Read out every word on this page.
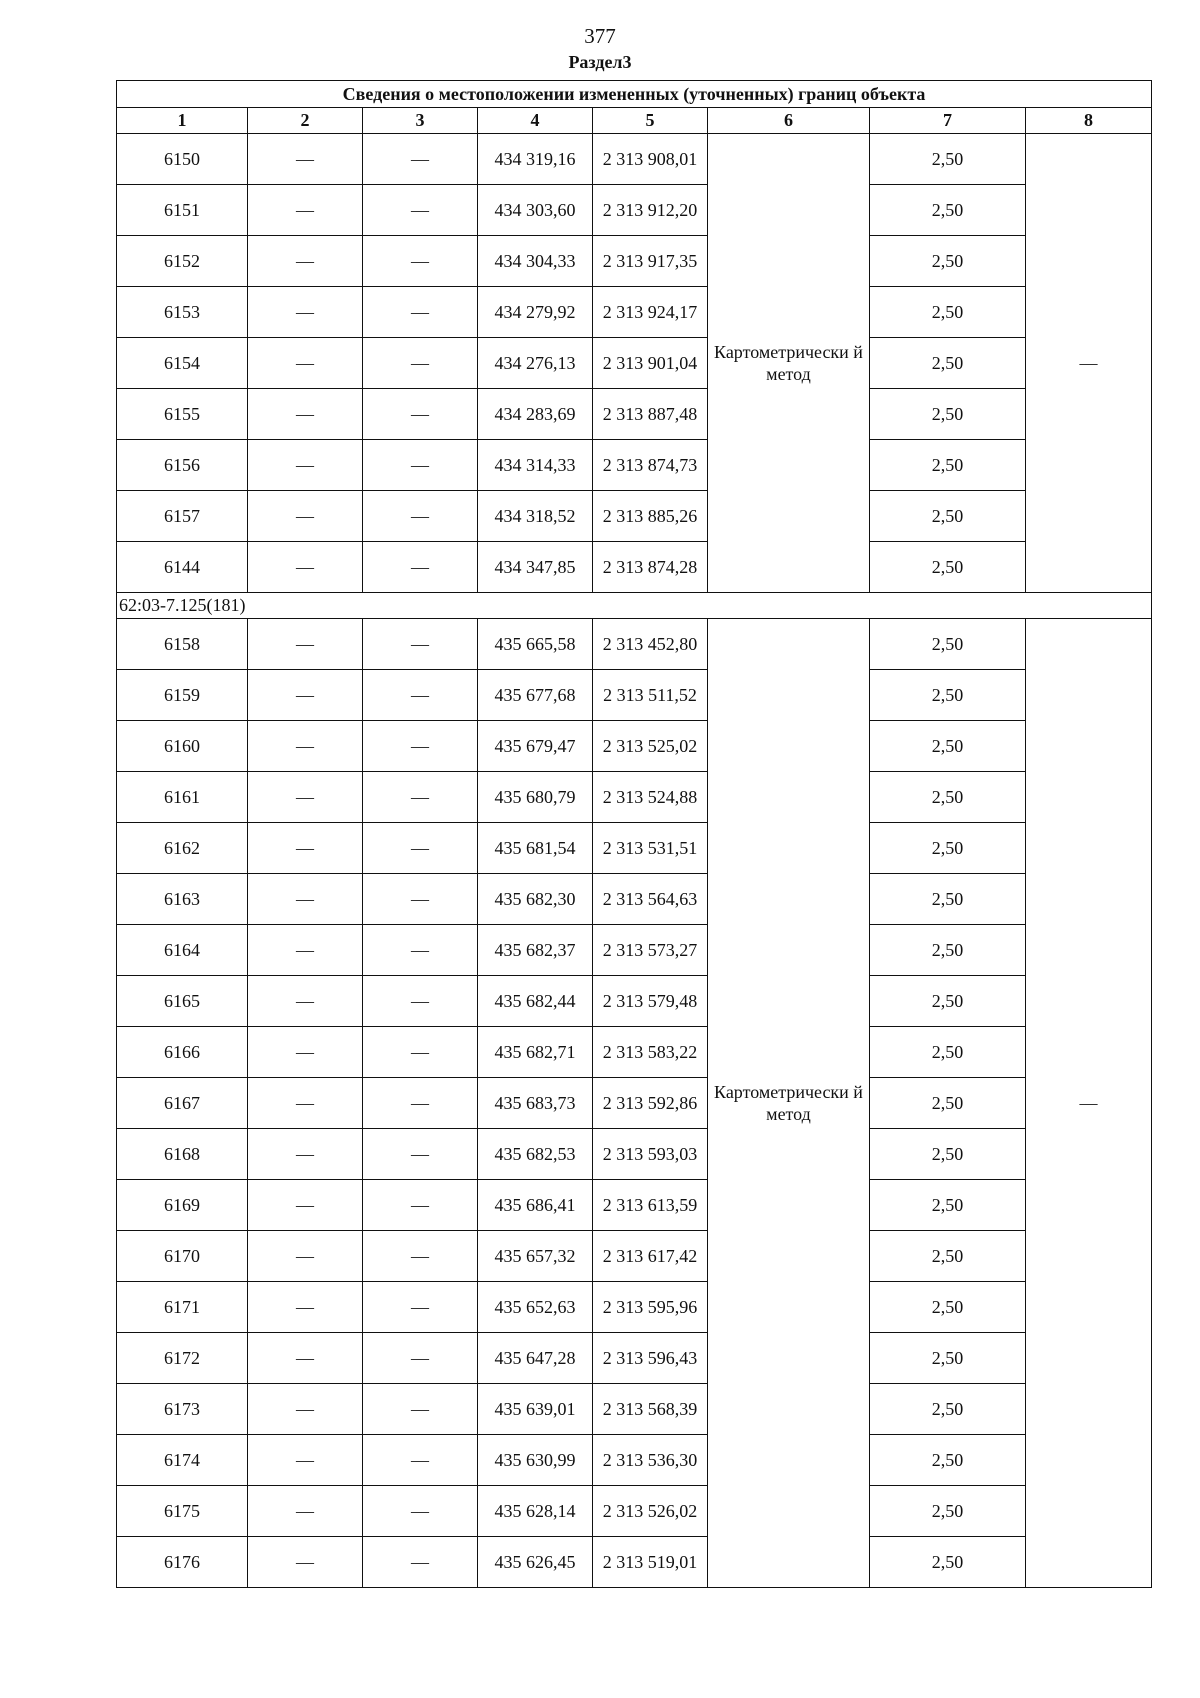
377
Раздел3
Сведения о местоположении измененных (уточненных) границ объекта							
1	2	3	4	5	6	7	8
6150	—	—	434 319,16	2 313 908,01	Картометрически й метод	2,50	—
6151	—	—	434 303,60	2 313 912,20		2,50	
6152	—	—	434 304,33	2 313 917,35		2,50	
6153	—	—	434 279,92	2 313 924,17		2,50	
6154	—	—	434 276,13	2 313 901,04		2,50	
6155	—	—	434 283,69	2 313 887,48		2,50	
6156	—	—	434 314,33	2 313 874,73		2,50	
6157	—	—	434 318,52	2 313 885,26		2,50	
6144	—	—	434 347,85	2 313 874,28		2,50	
62:03-7.125(181)							
6158	—	—	435 665,58	2 313 452,80	Картометрически й метод	2,50	—
6159	—	—	435 677,68	2 313 511,52		2,50	
6160	—	—	435 679,47	2 313 525,02		2,50	
6161	—	—	435 680,79	2 313 524,88		2,50	
6162	—	—	435 681,54	2 313 531,51		2,50	
6163	—	—	435 682,30	2 313 564,63		2,50	
6164	—	—	435 682,37	2 313 573,27		2,50	
6165	—	—	435 682,44	2 313 579,48		2,50	
6166	—	—	435 682,71	2 313 583,22		2,50	
6167	—	—	435 683,73	2 313 592,86		2,50	
6168	—	—	435 682,53	2 313 593,03		2,50	
6169	—	—	435 686,41	2 313 613,59		2,50	
6170	—	—	435 657,32	2 313 617,42		2,50	
6171	—	—	435 652,63	2 313 595,96		2,50	
6172	—	—	435 647,28	2 313 596,43		2,50	
6173	—	—	435 639,01	2 313 568,39		2,50	
6174	—	—	435 630,99	2 313 536,30		2,50	
6175	—	—	435 628,14	2 313 526,02		2,50	
6176	—	—	435 626,45	2 313 519,01		2,50	
